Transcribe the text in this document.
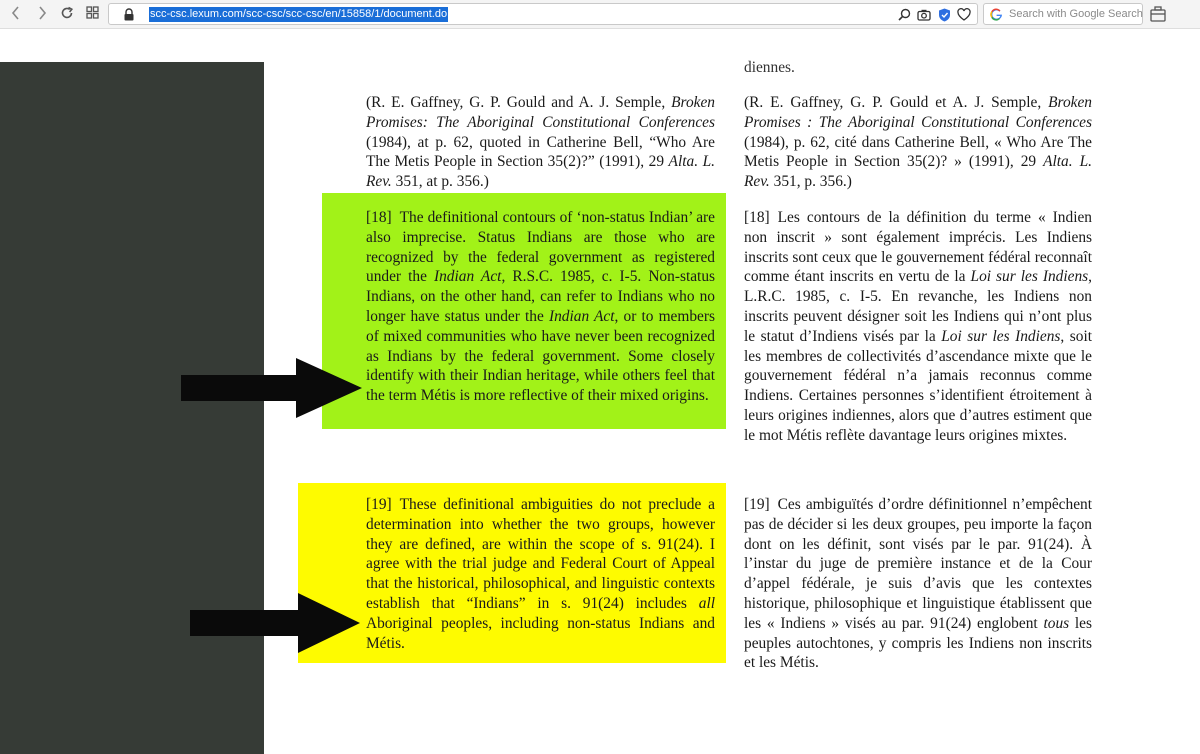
scc-csc.lexum.com/scc-csc/scc-csc/en/15858/1/document.do	Search with Google Search
diennes.
(R. E. Gaffney, G. P. Gould and A. J. Semple, Broken Promises: The Aboriginal Constitutional Conferences (1984), at p. 62, quoted in Catherine Bell, “Who Are The Metis People in Section 35(2)?” (1991), 29 Alta. L. Rev. 351, at p. 356.)
(R. E. Gaffney, G. P. Gould et A. J. Semple, Broken Promises : The Aboriginal Constitutional Conferences (1984), p. 62, cité dans Catherine Bell, « Who Are The Metis People in Section 35(2)? » (1991), 29 Alta. L. Rev. 351, p. 356.)
[18] The definitional contours of ‘non-status Indian’ are also imprecise. Status Indians are those who are recognized by the federal government as registered under the Indian Act, R.S.C. 1985, c. I-5. Non-status Indians, on the other hand, can refer to Indians who no longer have status under the Indian Act, or to members of mixed communities who have never been recognized as Indians by the federal government. Some closely identify with their Indian heritage, while others feel that the term Métis is more reflective of their mixed origins.
[18] Les contours de la définition du terme « Indien non inscrit » sont également imprécis. Les Indiens inscrits sont ceux que le gouvernement fédéral reconnaît comme étant inscrits en vertu de la Loi sur les Indiens, L.R.C. 1985, c. I-5. En revanche, les Indiens non inscrits peuvent désigner soit les Indiens qui n’ont plus le statut d’Indiens visés par la Loi sur les Indiens, soit les membres de collectivités d’ascendance mixte que le gouvernement fédéral n’a jamais reconnus comme Indiens. Certaines personnes s’identifient étroitement à leurs origines indiennes, alors que d’autres estiment que le mot Métis reflète davantage leurs origines mixtes.
[19] These definitional ambiguities do not preclude a determination into whether the two groups, however they are defined, are within the scope of s. 91(24). I agree with the trial judge and Federal Court of Appeal that the historical, philosophical, and linguistic contexts establish that “Indians” in s. 91(24) includes all Aboriginal peoples, including non-status Indians and Métis.
[19] Ces ambiguïtés d’ordre définitionnel n’empêchent pas de décider si les deux groupes, peu importe la façon dont on les définit, sont visés par le par. 91(24). À l’instar du juge de première instance et de la Cour d’appel fédérale, je suis d’avis que les contextes historique, philosophique et linguistique établissent que les « Indiens » visés au par. 91(24) englobent tous les peuples autochtones, y compris les Indiens non inscrits et les Métis.
